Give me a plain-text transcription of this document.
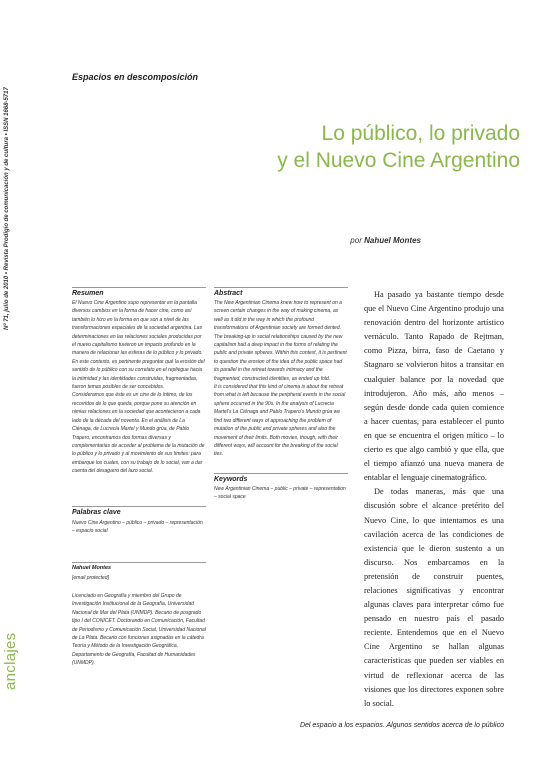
Nº 71, julio de 2010 • Revista Prodigio de comunicación y de cultura • ISSN 1668-5717
Espacios en descomposición
Lo público, lo privado
y el Nuevo Cine Argentino
por Nahuel Montes
Resumen

El Nuevo Cine Argentino supo representar en la pantalla diversos cambios en la forma de hacer cine, como así también lo hizo en la forma en que son a nivel de las transformaciones espaciales de la sociedad argentina. Las determinaciones en las relaciones sociales producidas por el nuevo capitalismo tuvieron un impacto profundo en la manera de relacionar las esferas de lo público y lo privado. En este contexto, es pertinente preguntar qué la erosión del sentido de lo público con su correlato en el repliegue hacia la intimidad y las identidades construidas, fragmentadas, fueron temas posibles de ser concebidos.

Consideramos que éste es un cine de lo íntimo, de los recorridos de lo que queda, porque pone su atención en nimias relaciones en la sociedad que acontecieron a cada lado de la década del noventa. En el análisis de La Ciénaga, de Lucrecia Martel y Mundo grúa, de Pablo Trapero, encontramos dos formas diversas y complementarias de acceder al problema de la mutación de lo público y lo privado y al movimiento de sus límites: para embarque los cuales, con su trabajo de lo social, van a dar cuenta del desagarro del lazo social.

Palabras clave
Nuevo Cine Argentino – público – privado – representación – espacio social
Nahuel Montes
[email protected]
Licenciado en Geografía y miembro del Grupo de Investigación Institucional de la Geografía, Universidad Nacional de Mar del Plata (UNMDP). Becario de posgrado tipo I del CONICET. Doctorando en Comunicación, Facultad de Periodismo y Comunicación Social, Universidad Nacional de La Plata. Becario con funciones asignadas en la cátedra Teoría y Método de la Investigación Geográfica, Departamento de Geografía, Facultad de Humanidades (UNMDP).
Abstract

The New Argentinian Cinema knew how to represent on a screen certain changes in the way of making cinema, as well as it did in the way in which the profound transformations of Argentinian society are formed dented. The breaking-up in social relationships caused by the new capitalism had a deep impact in the forms of relating the public and private spheres. Within this context, it is pertinent to question the erosion of the idea of the public space had its parallel in the retreat towards intimacy and the fragmented, constructed identities, as ended up fold.

It is considered that this kind of cinema is about the retreat from what is left because the peripheral events in the social sphere occurred in the 90s. In the analysis of Lucrecia Martel's La Ciénaga and Pablo Trapero's Mundo grúa we find two different ways of approaching the problem of mutation of the public and private spheres and also the movement of their limits. Both movies, though, with their different ways, will account for the breaking of the social ties.

Keywords
New Argentinian Cinema – public – private – representation – social space

Ha pasado ya bastante tiempo desde que el Nuevo Cine Argentino produjo una renovación dentro del horizonte artístico vernáculo. Tanto Rapado de Rejtman, como Pizza, birra, faso de Caetano y Stagnaro se volvieron hitos a transitar en cualquier balance por la novedad que introdujeron. Año más, año menos – según desde donde cada quien comience a hacer cuentas, para establecer el punto en que se encuentra el origen mítico – lo cierto es que algo cambió y que ella, que el tiempo afianzó una nueva manera de entablar el lenguaje cinematográfico.

De todas maneras, más que una discusión sobre el alcance pretérito del Nuevo Cine, lo que intentamos es una cavilación acerca de las condiciones de existencia que le dieron sustento a un discurso. Nos embarcamos en la pretensión de construir puentes, relaciones significativas y encontrar algunas claves para interpretar cómo fue pensado en nuestro país el pasado reciente. Entendemos que en el Nuevo Cine Argentino se hallan algunas características que pueden ser viables en virtud de reflexionar acerca de las visiones que los directores exponen sobre lo social.

anclajes
Del espacio a los espacios. Algunos sentidos acerca de lo público
